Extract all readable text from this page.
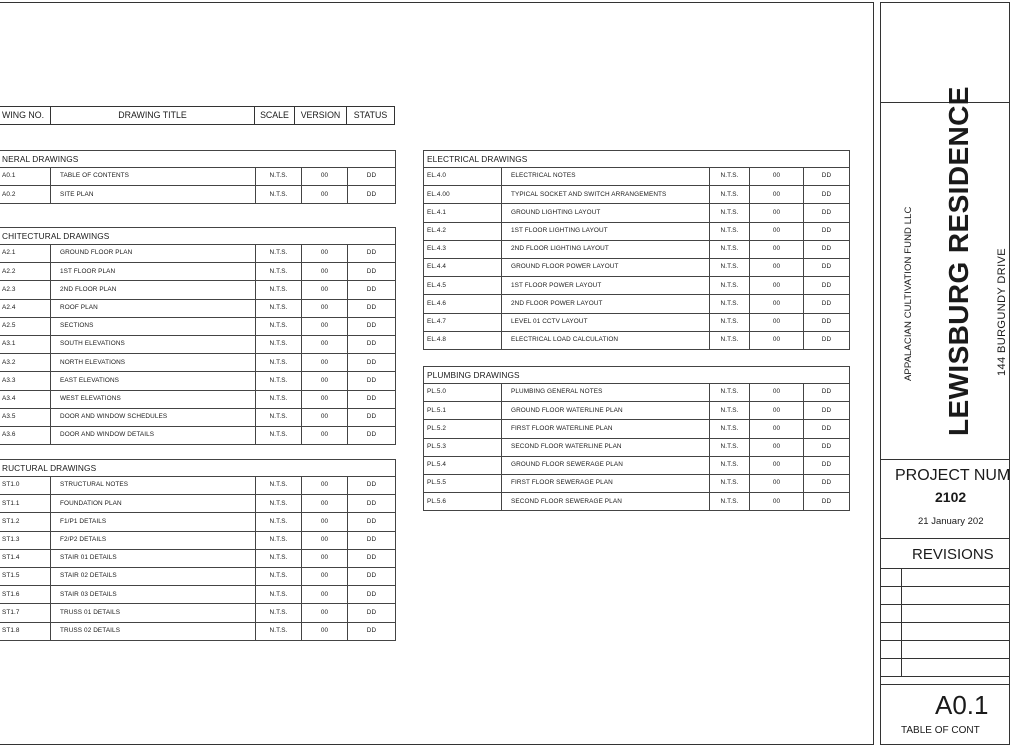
WING NO.	DRAWING TITLE	SCALE	VERSION	STATUS
NERAL DRAWINGS				
A0.1	TABLE OF CONTENTS	N.T.S.	00	DD
A0.2	SITE PLAN	N.T.S.	00	DD
CHITECTURAL DRAWINGS				
A2.1	GROUND FLOOR PLAN	N.T.S.	00	DD
A2.2	1ST FLOOR PLAN	N.T.S.	00	DD
A2.3	2ND FLOOR PLAN	N.T.S.	00	DD
A2.4	ROOF PLAN	N.T.S.	00	DD
A2.5	SECTIONS	N.T.S.	00	DD
A3.1	SOUTH ELEVATIONS	N.T.S.	00	DD
A3.2	NORTH ELEVATIONS	N.T.S.	00	DD
A3.3	EAST ELEVATIONS	N.T.S.	00	DD
A3.4	WEST ELEVATIONS	N.T.S.	00	DD
A3.5	DOOR AND WINDOW SCHEDULES	N.T.S.	00	DD
A3.6	DOOR AND WINDOW DETAILS	N.T.S.	00	DD
RUCTURAL DRAWINGS				
ST1.0	STRUCTURAL NOTES	N.T.S.	00	DD
ST1.1	FOUNDATION PLAN	N.T.S.	00	DD
ST1.2	F1/P1 DETAILS	N.T.S.	00	DD
ST1.3	F2/P2 DETAILS	N.T.S.	00	DD
ST1.4	STAIR 01 DETAILS	N.T.S.	00	DD
ST1.5	STAIR 02 DETAILS	N.T.S.	00	DD
ST1.6	STAIR 03 DETAILS	N.T.S.	00	DD
ST1.7	TRUSS 01 DETAILS	N.T.S.	00	DD
ST1.8	TRUSS 02 DETAILS	N.T.S.	00	DD
ELECTRICAL DRAWINGS				
EL.4.0	ELECTRICAL NOTES	N.T.S.	00	DD
EL.4.00	TYPICAL SOCKET AND SWITCH ARRANGEMENTS	N.T.S.	00	DD
EL.4.1	GROUND LIGHTING LAYOUT	N.T.S.	00	DD
EL.4.2	1ST FLOOR LIGHTING LAYOUT	N.T.S.	00	DD
EL.4.3	2ND FLOOR LIGHTING LAYOUT	N.T.S.	00	DD
EL.4.4	GROUND FLOOR POWER LAYOUT	N.T.S.	00	DD
EL.4.5	1ST FLOOR POWER LAYOUT	N.T.S.	00	DD
EL.4.6	2ND FLOOR POWER LAYOUT	N.T.S.	00	DD
EL.4.7	LEVEL 01 CCTV LAYOUT	N.T.S.	00	DD
EL.4.8	ELECTRICAL LOAD CALCULATION	N.T.S.	00	DD
PLUMBING DRAWINGS				
PL.5.0	PLUMBING GENERAL NOTES	N.T.S.	00	DD
PL.5.1	GROUND FLOOR WATERLINE PLAN	N.T.S.	00	DD
PL.5.2	FIRST FLOOR WATERLINE PLAN	N.T.S.	00	DD
PL.5.3	SECOND FLOOR WATERLINE PLAN	N.T.S.	00	DD
PL.5.4	GROUND FLOOR SEWERAGE PLAN	N.T.S.	00	DD
PL.5.5	FIRST FLOOR SEWERAGE PLAN	N.T.S.	00	DD
PL.5.6	SECOND FLOOR SEWERAGE PLAN	N.T.S.	00	DD
APPALACIAN CULTIVATION FUND LLC LEWISBURG RESIDENCE 144 BURGUNDY DRIVE
PROJECT NUM
2102
21 January 202
REVISIONS
A0.1
TABLE OF CONT
